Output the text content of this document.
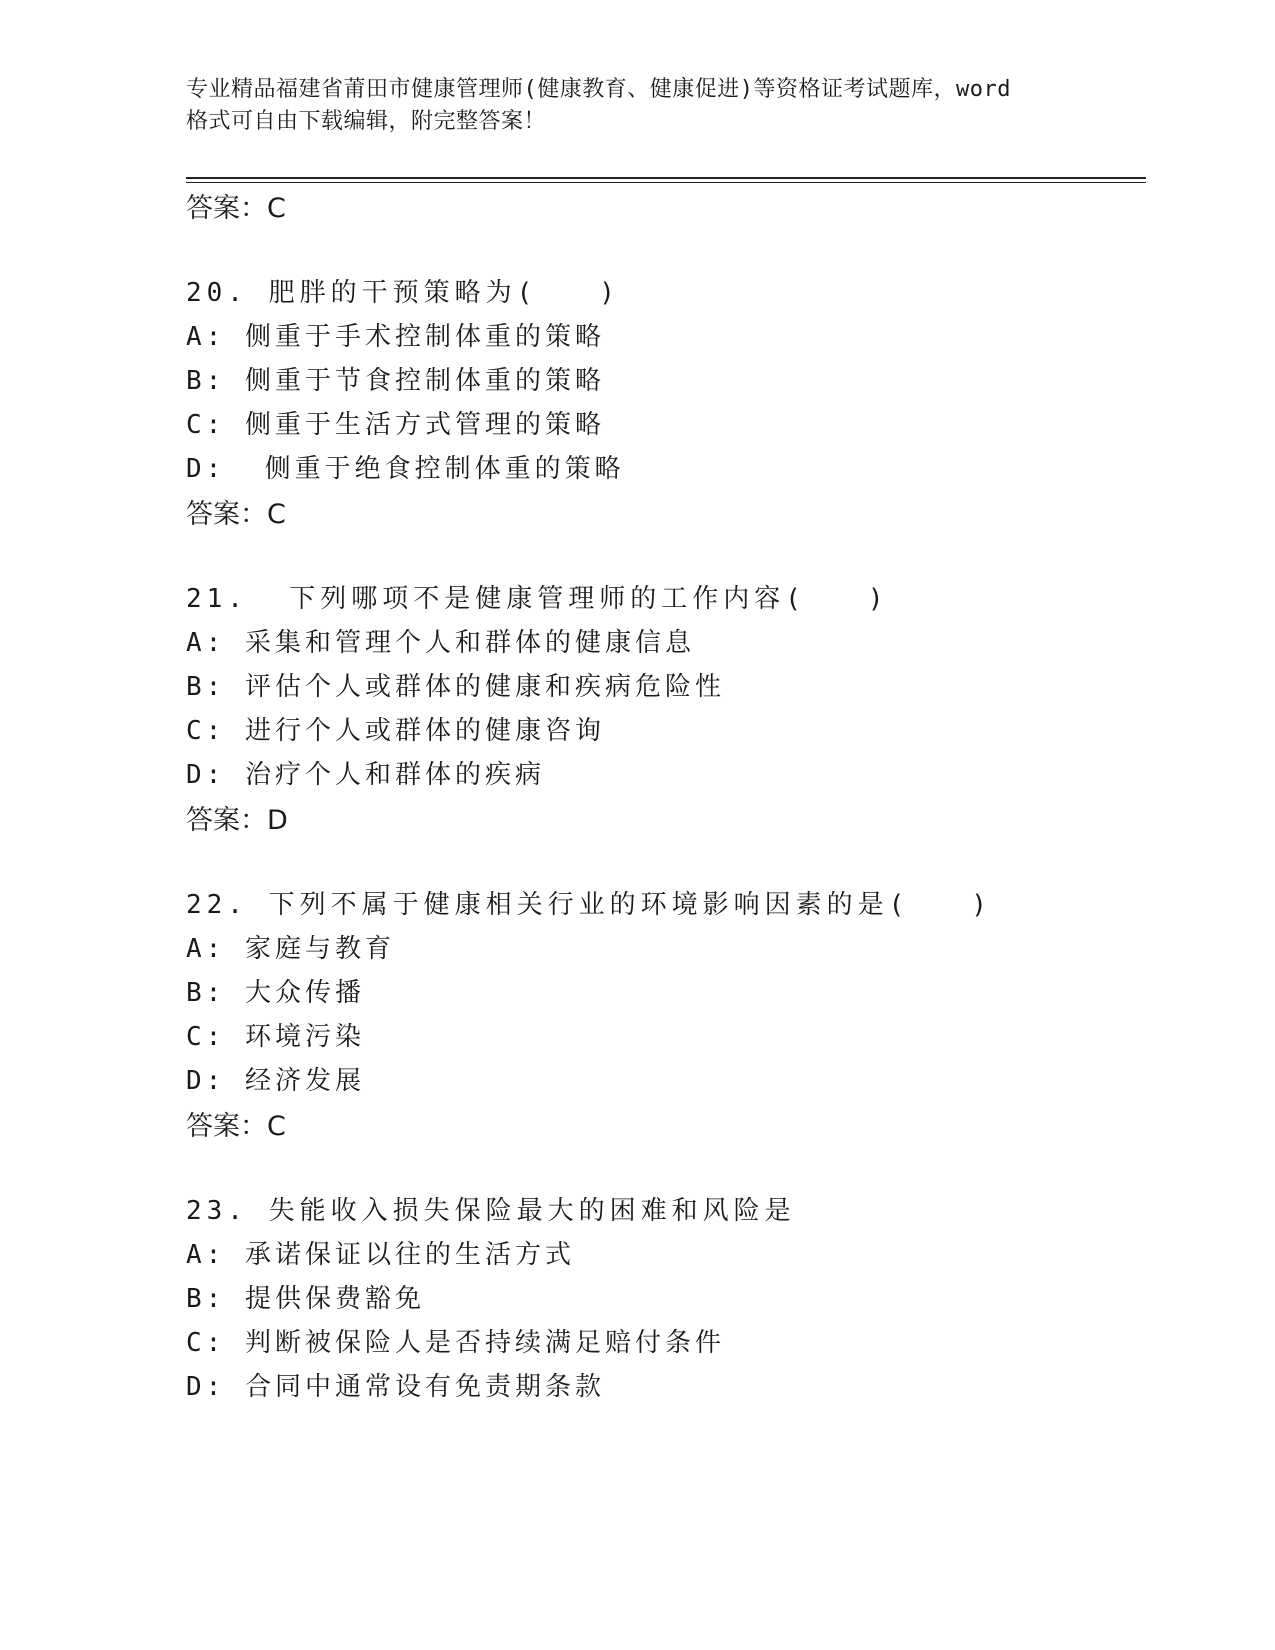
专业精品福建省莆田市健康管理师(健康教育、健康促进)等资格证考试题库，word
格式可自由下载编辑，附完整答案！
答案：C
20. 肥胖的干预策略为(　　)
A: 侧重于手术控制体重的策略
B: 侧重于节食控制体重的策略
C: 侧重于生活方式管理的策略
D:  侧重于绝食控制体重的策略
答案：C
21.  下列哪项不是健康管理师的工作内容(　　)
A: 采集和管理个人和群体的健康信息
B: 评估个人或群体的健康和疾病危险性
C: 进行个人或群体的健康咨询
D: 治疗个人和群体的疾病
答案：D
22. 下列不属于健康相关行业的环境影响因素的是(　　)
A: 家庭与教育
B: 大众传播
C: 环境污染
D: 经济发展
答案：C
23. 失能收入损失保险最大的困难和风险是
A: 承诺保证以往的生活方式
B: 提供保费豁免
C: 判断被保险人是否持续满足赔付条件
D: 合同中通常设有免责期条款
